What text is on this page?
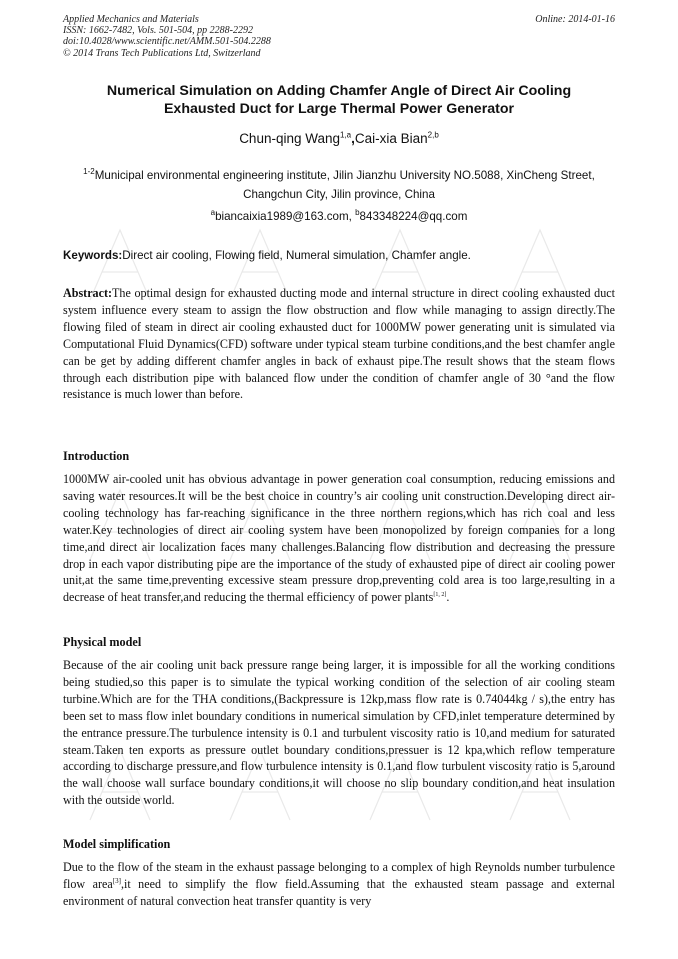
Applied Mechanics and Materials
ISSN: 1662-7482, Vols. 501-504, pp 2288-2292
doi:10.4028/www.scientific.net/AMM.501-504.2288
© 2014 Trans Tech Publications Ltd, Switzerland
Online: 2014-01-16
Numerical Simulation on Adding Chamfer Angle of Direct Air Cooling
Exhausted Duct for Large Thermal Power Generator
Chun-qing Wang$^{1,a}$,Cai-xia Bian$^{2,b}$
$^{1-2}$Municipal environmental engineering institute, Jilin Jianzhu University NO.5088, XinCheng Street,
Changchun City, Jilin province, China
$^a$biancaixia1989@163.com, $^b$843348224@qq.com
Keywords:Direct air cooling, Flowing field, Numeral simulation, Chamfer angle.
Abstract:The optimal design for exhausted ducting mode and internal structure in direct cooling exhausted duct system influence every steam to assign the flow obstruction and flow while managing to assign directly.The flowing filed of steam in direct air cooling exhausted duct for 1000MW power generating unit is simulated via Computational Fluid Dynamics(CFD) software under typical steam turbine conditions,and the best chamfer angle can be get by adding different chamfer angles in back of exhaust pipe.The result shows that the steam flows through each distribution pipe with balanced flow under the condition of chamfer angle of 30 °and the flow resistance is much lower than before.
Introduction
1000MW air-cooled unit has obvious advantage in power generation coal consumption, reducing emissions and saving water resources.It will be the best choice in country’s air cooling unit construction.Developing direct air-cooling technology has far-reaching significance in the three northern regions,which has rich coal and less water.Key technologies of direct air cooling system have been monopolized by foreign companies for a long time,and direct air localization faces many challenges.Balancing flow distribution and decreasing the pressure drop in each vapor distributing pipe are the importance of the study of exhausted pipe of direct air cooling power unit,at the same time,preventing excessive steam pressure drop,preventing cold area is too large,resulting in a decrease of heat transfer,and reducing the thermal efficiency of power plants[1, 2].
Physical model
Because of the air cooling unit back pressure range being larger, it is impossible for all the working conditions being studied,so this paper is to simulate the typical working condition of the selection of air cooling steam turbine.Which are for the THA conditions,(Backpressure is 12kp,mass flow rate is 0.74044kg / s),the entry has been set to mass flow inlet boundary conditions in numerical simulation by CFD,inlet temperature determined by the entrance pressure.The turbulence intensity is 0.1 and turbulent viscosity ratio is 10,and medium for saturated steam.Taken ten exports as pressure outlet boundary conditions,pressuer is 12 kpa,which reflow temperature according to discharge pressure,and flow turbulence intensity is 0.1,and flow turbulent viscosity ratio is 5,around the wall choose wall surface boundary conditions,it will choose no slip boundary condition,and heat insulation with the outside world.
Model simplification
Due to the flow of the steam in the exhaust passage belonging to a complex of high Reynolds number turbulence flow area[3],it need to simplify the flow field.Assuming that the exhausted steam passage and external environment of natural convection heat transfer quantity is very
